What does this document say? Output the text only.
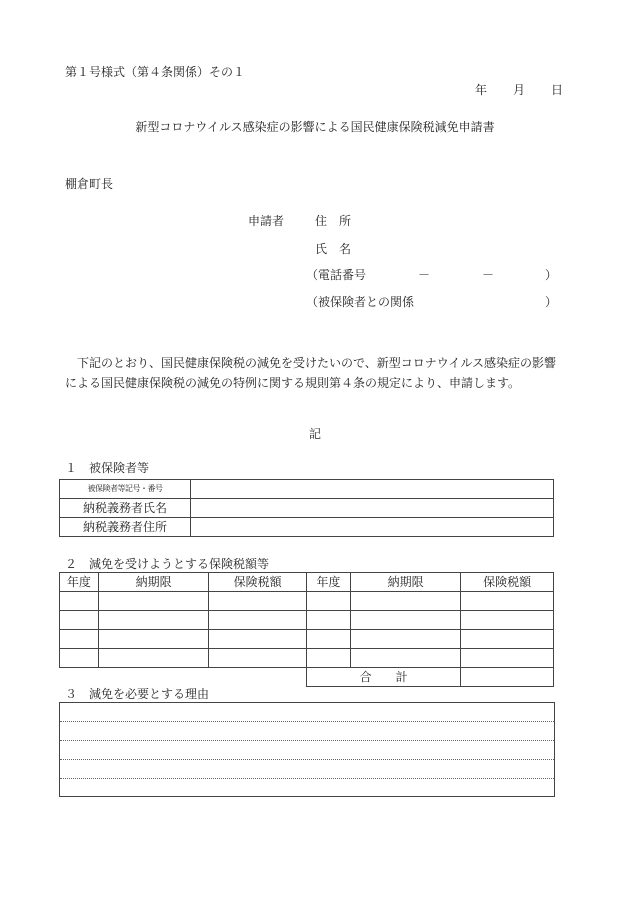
第１号様式（第４条関係）その１
年 月 日
新型コロナウイルス感染症の影響による国民健康保険税減免申請書
棚倉町長
申請者	住　所
氏　名
（電話番号	－	－	）
（被保険者との関係	）
下記のとおり、国民健康保険税の減免を受けたいので、新型コロナウイルス感染症の影響による国民健康保険税の減免の特例に関する規則第４条の規定により、申請します。
記
１　被保険者等
被保険者等記号・番号	
納税義務者氏名	
納税義務者住所	
２　減免を受けようとする保険税額等
年度	納期限	保険税額	年度	納期限	保険税額

			合　　計		
３　減免を必要とする理由
